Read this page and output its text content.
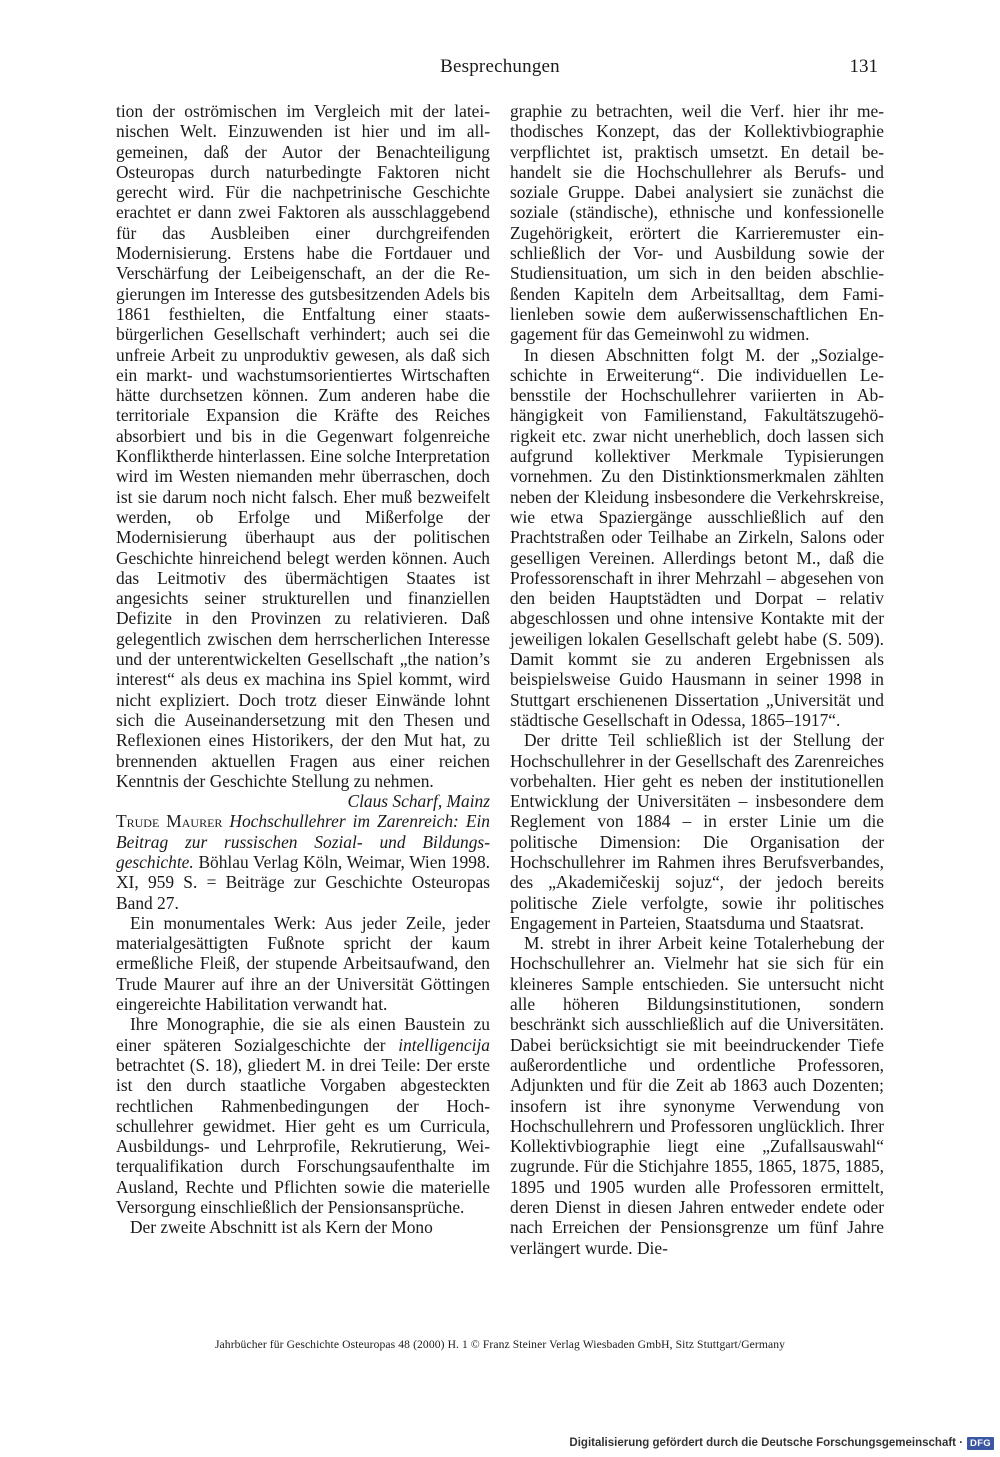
Besprechungen	131

tion der oströmischen im Vergleich mit der lateinischen Welt. Einzuwenden ist hier und im allgemeinen, daß der Autor der Benachteiligung Osteuropas durch naturbedingte Faktoren nicht gerecht wird. Für die nachpetrinische Geschichte erachtet er dann zwei Faktoren als ausschlaggebend für das Ausbleiben einer durchgreifenden Modernisierung. Erstens habe die Fortdauer und Verschärfung der Leibeigenschaft, an der die Regierungen im Interesse des gutsbesitzenden Adels bis 1861 festhielten, die Entfaltung einer staatsbürgerlichen Gesellschaft verhindert; auch sei die unfreie Arbeit zu unproduktiv gewesen, als daß sich ein markt- und wachstumsorientiertes Wirtschaften hätte durchsetzen können. Zum anderen habe die territoriale Expansion die Kräfte des Reiches absorbiert und bis in die Gegenwart folgenreiche Konfliktherde hinterlassen. Eine solche Interpretation wird im Westen niemanden mehr überraschen, doch ist sie darum noch nicht falsch. Eher muß bezweifelt werden, ob Erfolge und Mißerfolge der Modernisierung überhaupt aus der politischen Geschichte hinreichend belegt werden können. Auch das Leitmotiv des übermächtigen Staates ist angesichts seiner strukturellen und finanziellen Defizite in den Provinzen zu relativieren. Daß gelegentlich zwischen dem herrscherlichen Interesse und der unterentwickelten Gesellschaft „the nation’s interest“ als deus ex machina ins Spiel kommt, wird nicht expliziert. Doch trotz dieser Einwände lohnt sich die Auseinandersetzung mit den Thesen und Reflexionen eines Historikers, der den Mut hat, zu brennenden aktuellen Fragen aus einer reichen Kenntnis der Geschichte Stellung zu nehmen.

Claus Scharf, Mainz

Trude Maurer Hochschullehrer im Zarenreich: Ein Beitrag zur russischen Sozial- und Bildungsgeschichte. Böhlau Verlag Köln, Weimar, Wien 1998. XI, 959 S. = Beiträge zur Geschichte Osteuropas Band 27.

Ein monumentales Werk: Aus jeder Zeile, jeder materialgesättigten Fußnote spricht der kaum ermeßliche Fleiß, der stupende Arbeitsaufwand, den Trude Maurer auf ihre an der Universität Göttingen eingereichte Habilitation verwandt hat.

Ihre Monographie, die sie als einen Baustein zu einer späteren Sozialgeschichte der intelligencija betrachtet (S. 18), gliedert M. in drei Teile: Der erste ist den durch staatliche Vorgaben abgesteckten rechtlichen Rahmenbedingungen der Hochschullehrer gewidmet. Hier geht es um Curricula, Ausbildungs- und Lehrprofile, Rekrutierung, Weiterqualifikation durch Forschungsaufenthalte im Ausland, Rechte und Pflichten sowie die materielle Versorgung einschließlich der Pensionsansprüche.

Der zweite Abschnitt ist als Kern der Mono

graphie zu betrachten, weil die Verf. hier ihr methodisches Konzept, das der Kollektivbiographie verpflichtet ist, praktisch umsetzt. En detail behandelt sie die Hochschullehrer als Berufs- und soziale Gruppe. Dabei analysiert sie zunächst die soziale (ständische), ethnische und konfessionelle Zugehörigkeit, erörtert die Karrieremuster einschließlich der Vor- und Ausbildung sowie der Studiensituation, um sich in den beiden abschließenden Kapiteln dem Arbeitsalltag, dem Familienleben sowie dem außerwissenschaftlichen Engagement für das Gemeinwohl zu widmen.

In diesen Abschnitten folgt M. der „Sozialgeschichte in Erweiterung“. Die individuellen Lebensstile der Hochschullehrer variierten in Abhängigkeit von Familienstand, Fakultätszugehörigkeit etc. zwar nicht unerheblich, doch lassen sich aufgrund kollektiver Merkmale Typisierungen vornehmen. Zu den Distinktionsmerkmalen zählten neben der Kleidung insbesondere die Verkehrskreise, wie etwa Spaziergänge ausschließlich auf den Prachtstraßen oder Teilhabe an Zirkeln, Salons oder geselligen Vereinen. Allerdings betont M., daß die Professorenschaft in ihrer Mehrzahl – abgesehen von den beiden Hauptstädten und Dorpat – relativ abgeschlossen und ohne intensive Kontakte mit der jeweiligen lokalen Gesellschaft gelebt habe (S. 509). Damit kommt sie zu anderen Ergebnissen als beispielsweise Guido Hausmann in seiner 1998 in Stuttgart erschienenen Dissertation „Universität und städtische Gesellschaft in Odessa, 1865–1917“.

Der dritte Teil schließlich ist der Stellung der Hochschullehrer in der Gesellschaft des Zarenreiches vorbehalten. Hier geht es neben der institutionellen Entwicklung der Universitäten – insbesondere dem Reglement von 1884 – in erster Linie um die politische Dimension: Die Organisation der Hochschullehrer im Rahmen ihres Berufsverbandes, des „Akademičeskij sojuz“, der jedoch bereits politische Ziele verfolgte, sowie ihr politisches Engagement in Parteien, Staatsduma und Staatsrat.

M. strebt in ihrer Arbeit keine Totalerhebung der Hochschullehrer an. Vielmehr hat sie sich für ein kleineres Sample entschieden. Sie untersucht nicht alle höheren Bildungsinstitutionen, sondern beschränkt sich ausschließlich auf die Universitäten. Dabei berücksichtigt sie mit beeindruckender Tiefe außerordentliche und ordentliche Professoren, Adjunkten und für die Zeit ab 1863 auch Dozenten; insofern ist ihre synonyme Verwendung von Hochschullehrern und Professoren unglücklich. Ihrer Kollektivbiographie liegt eine „Zufallsauswahl“ zugrunde. Für die Stichjahre 1855, 1865, 1875, 1885, 1895 und 1905 wurden alle Professoren ermittelt, deren Dienst in diesen Jahren entweder endete oder nach Erreichen der Pensionsgrenze um fünf Jahre verlängert wurde. Die-

Jahrbücher für Geschichte Osteuropas 48 (2000) H. 1 © Franz Steiner Verlag Wiesbaden GmbH, Sitz Stuttgart/Germany
Digitalisierung gefördert durch die Deutsche Forschungsgemeinschaft · DFG
